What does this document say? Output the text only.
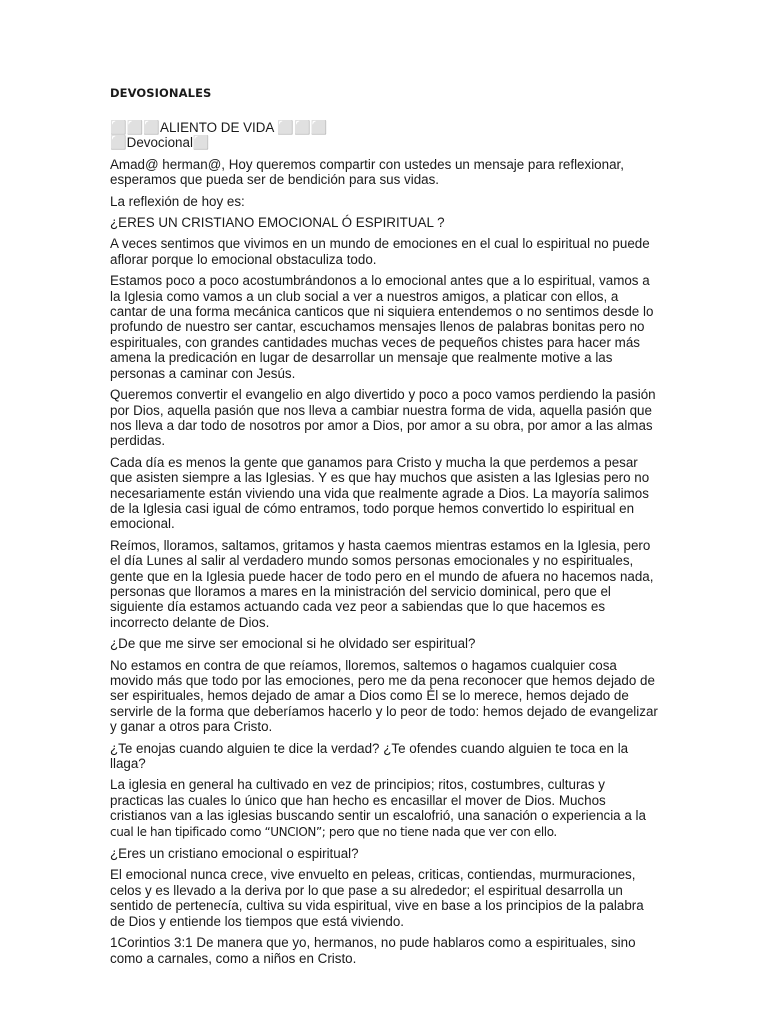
DEVOSIONALES
⬜⬜⬜ALIENTO DE VIDA ⬜⬜⬜
⬜Devocional⬜
Amad@ herman@, Hoy queremos compartir con ustedes un mensaje para reflexionar, esperamos que pueda ser de bendición para sus vidas.
La reflexión de hoy es:
¿ERES UN CRISTIANO EMOCIONAL Ó ESPIRITUAL ?
A veces sentimos que vivimos en un mundo de emociones en el cual lo espiritual no puede aflorar porque lo emocional obstaculiza todo.
Estamos poco a poco acostumbrándonos a lo emocional antes que a lo espiritual, vamos a la Iglesia como vamos a un club social a ver a nuestros amigos, a platicar con ellos, a cantar de una forma mecánica canticos que ni siquiera entendemos o no sentimos desde lo profundo de nuestro ser cantar, escuchamos mensajes llenos de palabras bonitas pero no espirituales, con grandes cantidades muchas veces de pequeños chistes para hacer más amena la predicación en lugar de desarrollar un mensaje que realmente motive a las personas a caminar con Jesús.
Queremos convertir el evangelio en algo divertido y poco a poco vamos perdiendo la pasión por Dios, aquella pasión que nos lleva a cambiar nuestra forma de vida, aquella pasión que nos lleva a dar todo de nosotros por amor a Dios, por amor a su obra, por amor a las almas perdidas.
Cada día es menos la gente que ganamos para Cristo y mucha la que perdemos a pesar que asisten siempre a las Iglesias. Y es que hay muchos que asisten a las Iglesias pero no necesariamente están viviendo una vida que realmente agrade a Dios. La mayoría salimos de la Iglesia casi igual de cómo entramos, todo porque hemos convertido lo espiritual en emocional.
Reímos, lloramos, saltamos, gritamos y hasta caemos mientras estamos en la Iglesia, pero el día Lunes al salir al verdadero mundo somos personas emocionales y no espirituales, gente que en la Iglesia puede hacer de todo pero en el mundo de afuera no hacemos nada, personas que lloramos a mares en la ministración del servicio dominical, pero que el siguiente día estamos actuando cada vez peor a sabiendas que lo que hacemos es incorrecto delante de Dios.
¿De que me sirve ser emocional si he olvidado ser espiritual?
No estamos en contra de que reíamos, lloremos, saltemos o hagamos cualquier cosa movido más que todo por las emociones, pero me da pena reconocer que hemos dejado de ser espirituales, hemos dejado de amar a Dios como Él se lo merece, hemos dejado de servirle de la forma que deberíamos hacerlo y lo peor de todo: hemos dejado de evangelizar y ganar a otros para Cristo.
¿Te enojas cuando alguien te dice la verdad? ¿Te ofendes cuando alguien te toca en la llaga?
La iglesia en general ha cultivado en vez de principios; ritos, costumbres, culturas y practicas las cuales lo único que han hecho es encasillar el mover de Dios. Muchos cristianos van a las iglesias buscando sentir un escalofrió, una sanación o experiencia a la cual le han tipificado como “UNCION”; pero que no tiene nada que ver con ello.
¿Eres un cristiano emocional o espiritual?
El emocional nunca crece, vive envuelto en peleas, criticas, contiendas, murmuraciones, celos y es llevado a la deriva por lo que pase a su alrededor; el espiritual desarrolla un sentido de pertenecía, cultiva su vida espiritual, vive en base a los principios de la palabra de Dios y entiende los tiempos que está viviendo.
1Corintios 3:1 De manera que yo, hermanos, no pude hablaros como a espirituales, sino como a carnales, como a niños en Cristo.
